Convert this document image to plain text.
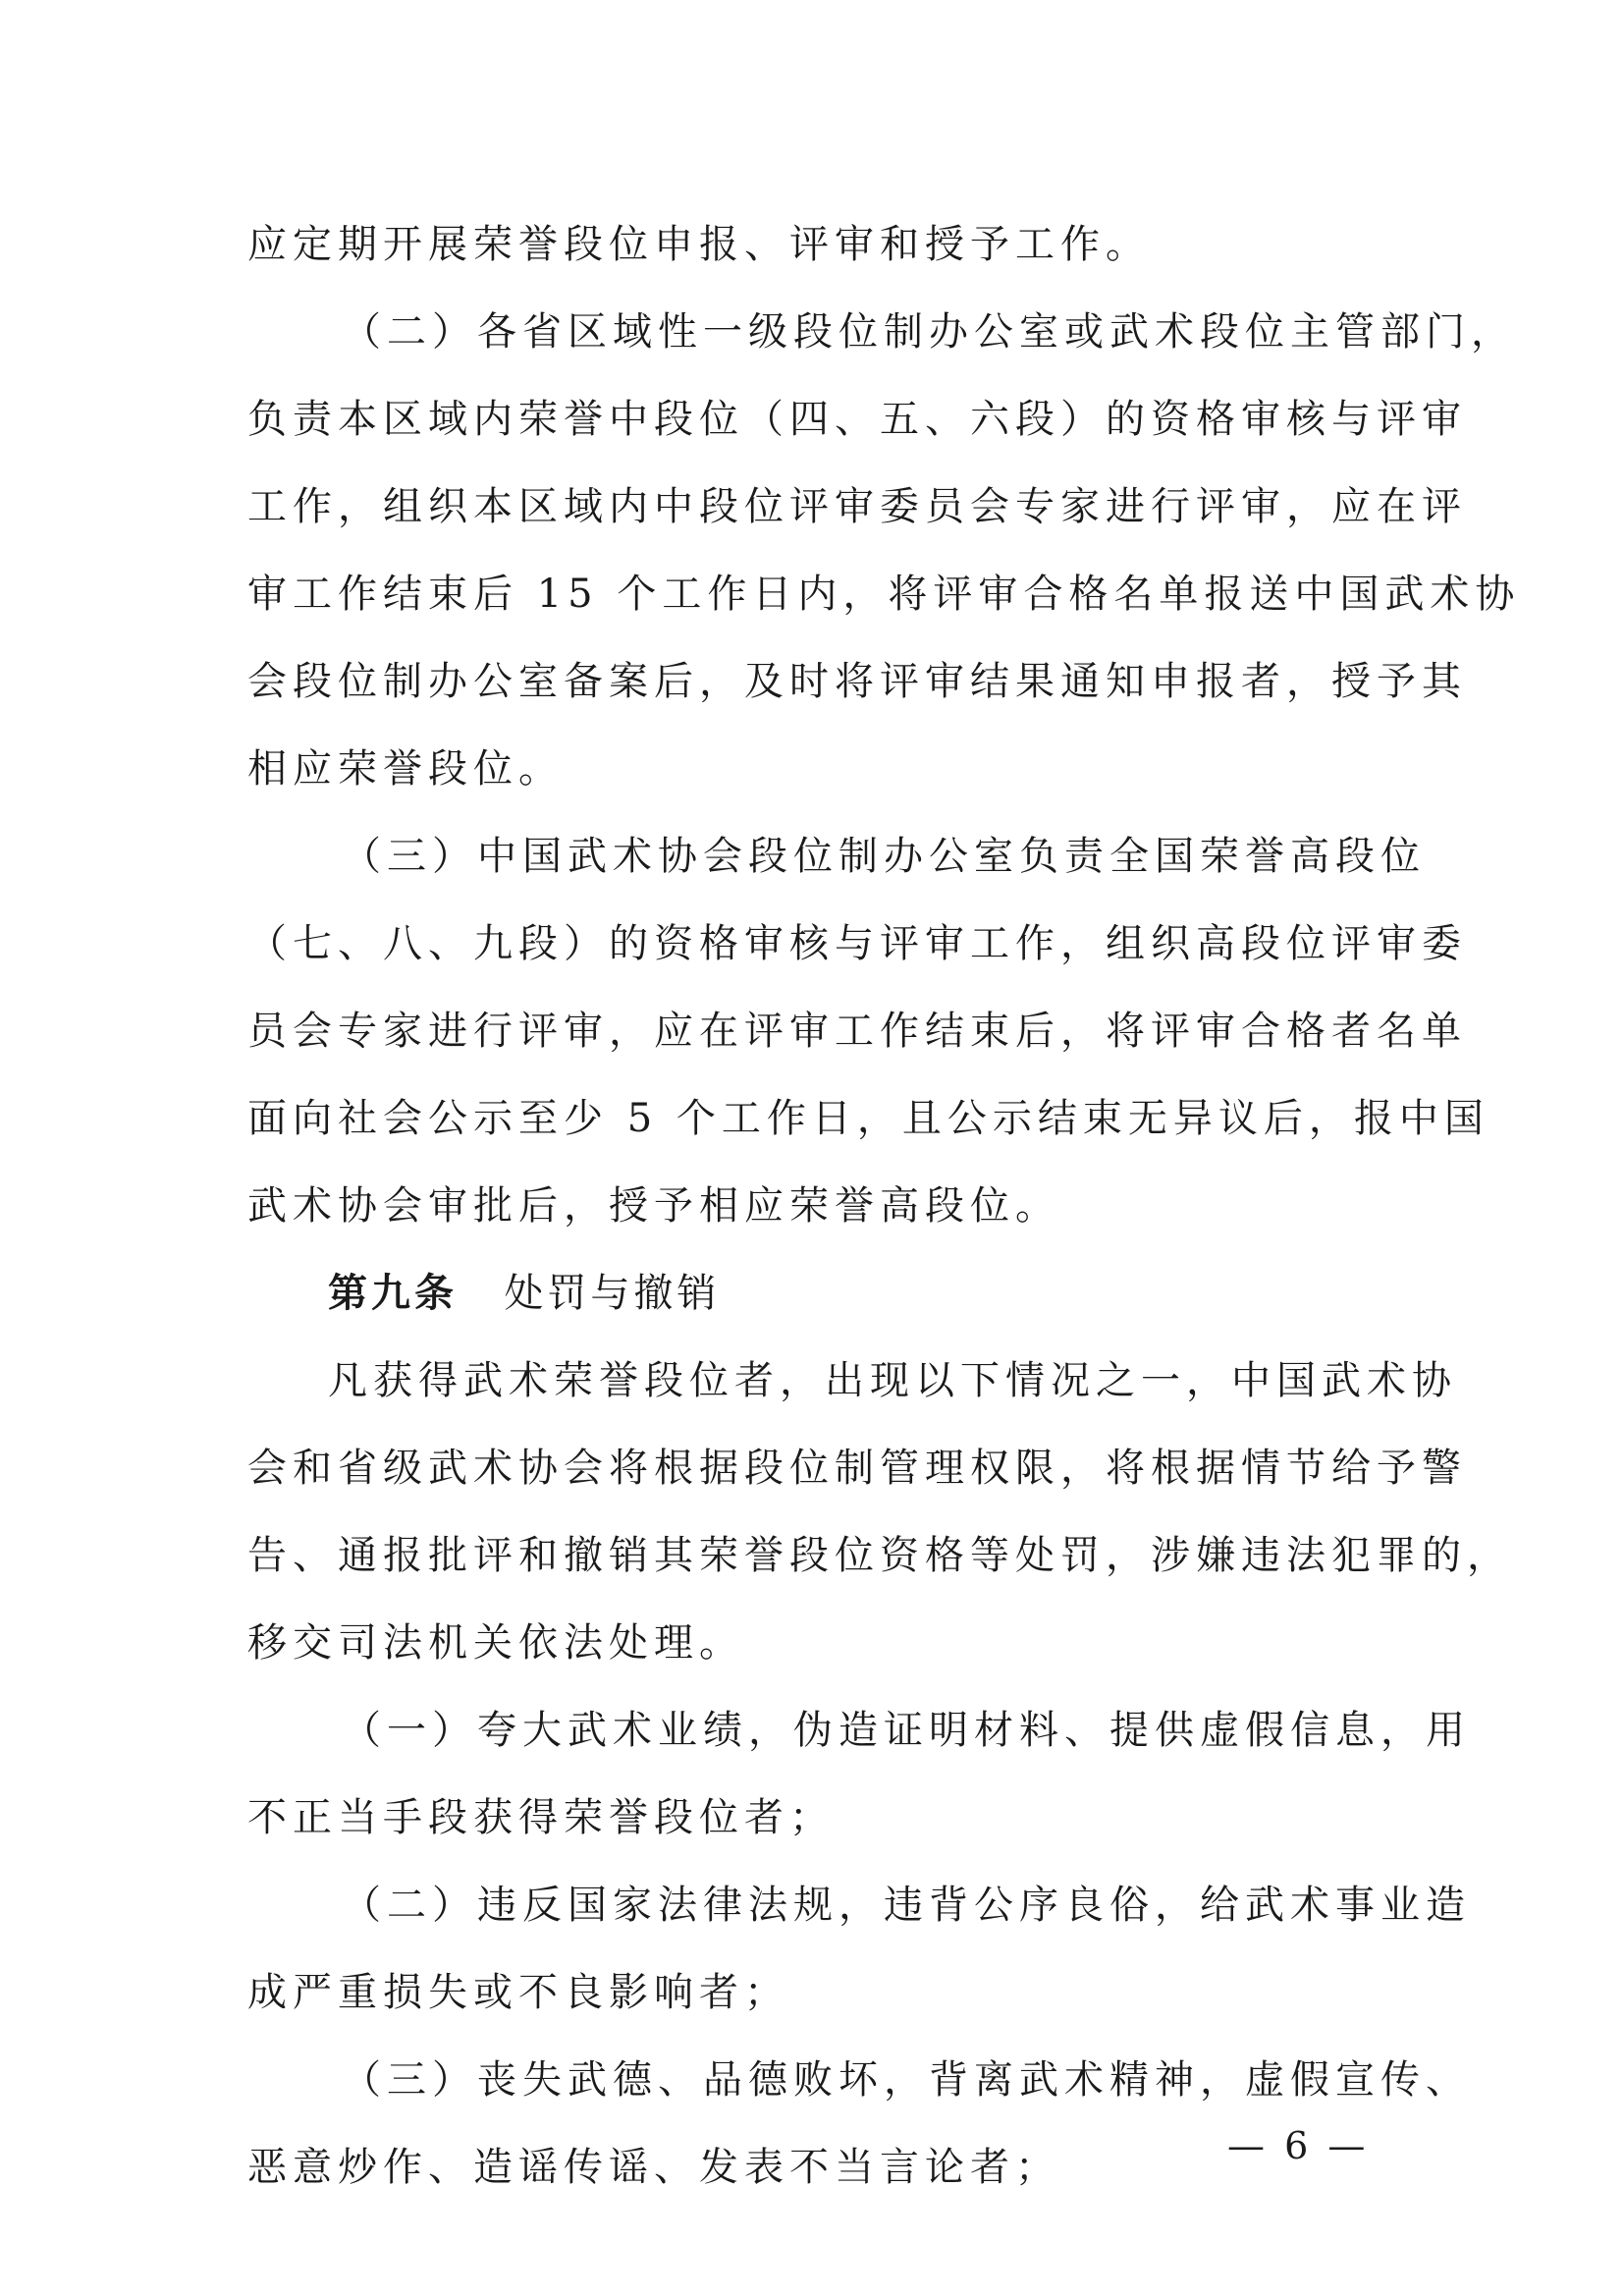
应定期开展荣誉段位申报、评审和授予工作。
（二）各省区域性一级段位制办公室或武术段位主管部门，
负责本区域内荣誉中段位（四、五、六段）的资格审核与评审
工作，组织本区域内中段位评审委员会专家进行评审，应在评
审工作结束后 15 个工作日内，将评审合格名单报送中国武术协
会段位制办公室备案后，及时将评审结果通知申报者，授予其
相应荣誉段位。
（三）中国武术协会段位制办公室负责全国荣誉高段位
（七、八、九段）的资格审核与评审工作，组织高段位评审委
员会专家进行评审，应在评审工作结束后，将评审合格者名单
面向社会公示至少 5 个工作日，且公示结束无异议后，报中国
武术协会审批后，授予相应荣誉高段位。
第九条 处罚与撤销
凡获得武术荣誉段位者，出现以下情况之一，中国武术协
会和省级武术协会将根据段位制管理权限，将根据情节给予警
告、通报批评和撤销其荣誉段位资格等处罚，涉嫌违法犯罪的，
移交司法机关依法处理。
（一）夸大武术业绩，伪造证明材料、提供虚假信息，用
不正当手段获得荣誉段位者；
（二）违反国家法律法规，违背公序良俗，给武术事业造
成严重损失或不良影响者；
（三）丧失武德、品德败坏，背离武术精神，虚假宣传、
恶意炒作、造谣传谣、发表不当言论者；	— 6 —
